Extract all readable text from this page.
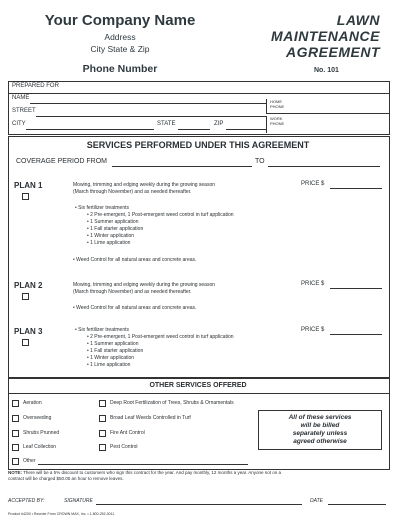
Your Company Name
Address
City State & Zip
Phone Number
LAWN
MAINTENANCE
AGREEMENT
No. 101
PREPARED FOR
NAME
STREET
CITY	STATE	ZIP
HOME
PHONE
WORK
PHONE
SERVICES PERFORMED UNDER THIS AGREEMENT
COVERAGE PERIOD FROM	TO
PLAN 1	Mowing, trimming and edging weekly during the growing season
(March through November) and as needed thereafter.
• Six fertilizer treatments
• 2 Pre-emergent, 1 Post-emergent weed control in turf application
• 1 Summer application
• 1 Fall starter application
• 1 Winter application
• 1 Lime application
• Weed Control for all natural areas and concrete areas.
PRICE $
PLAN 2	Mowing, trimming and edging weekly during the growing season
(March through November) and as needed thereafter.
• Weed Control for all natural areas and concrete areas.
PRICE $
PLAN 3	• Six fertilizer treatments
• 2 Pre-emergent, 1 Post-emergent weed control in turf application
• 1 Summer application
• 1 Fall starter application
• 1 Winter application
• 1 Lime application
PRICE $
OTHER SERVICES OFFERED
Aeration
Overseeding
Shrubs Prunned
Leaf Collection
Other
Deep Root Fertilization of Trees, Shrubs & Ornamentals
Broad Leaf Weeds Controlled in Turf
Fire Ant Control
Pest Control
All of these services
will be billed
separately unless
agreed otherwise
NOTE: There will be a 5% discount to customers who sign this contract for the year. And pay monthly, 12 months a year. Anyone not on a
contract will be charged $50.00 an hour to remove leaves.
ACCEPTED BY:	SIGNATURE	DATE
Product #4200 • Reorder From CROWN MAX, Inc. • 1-800-252-0011
